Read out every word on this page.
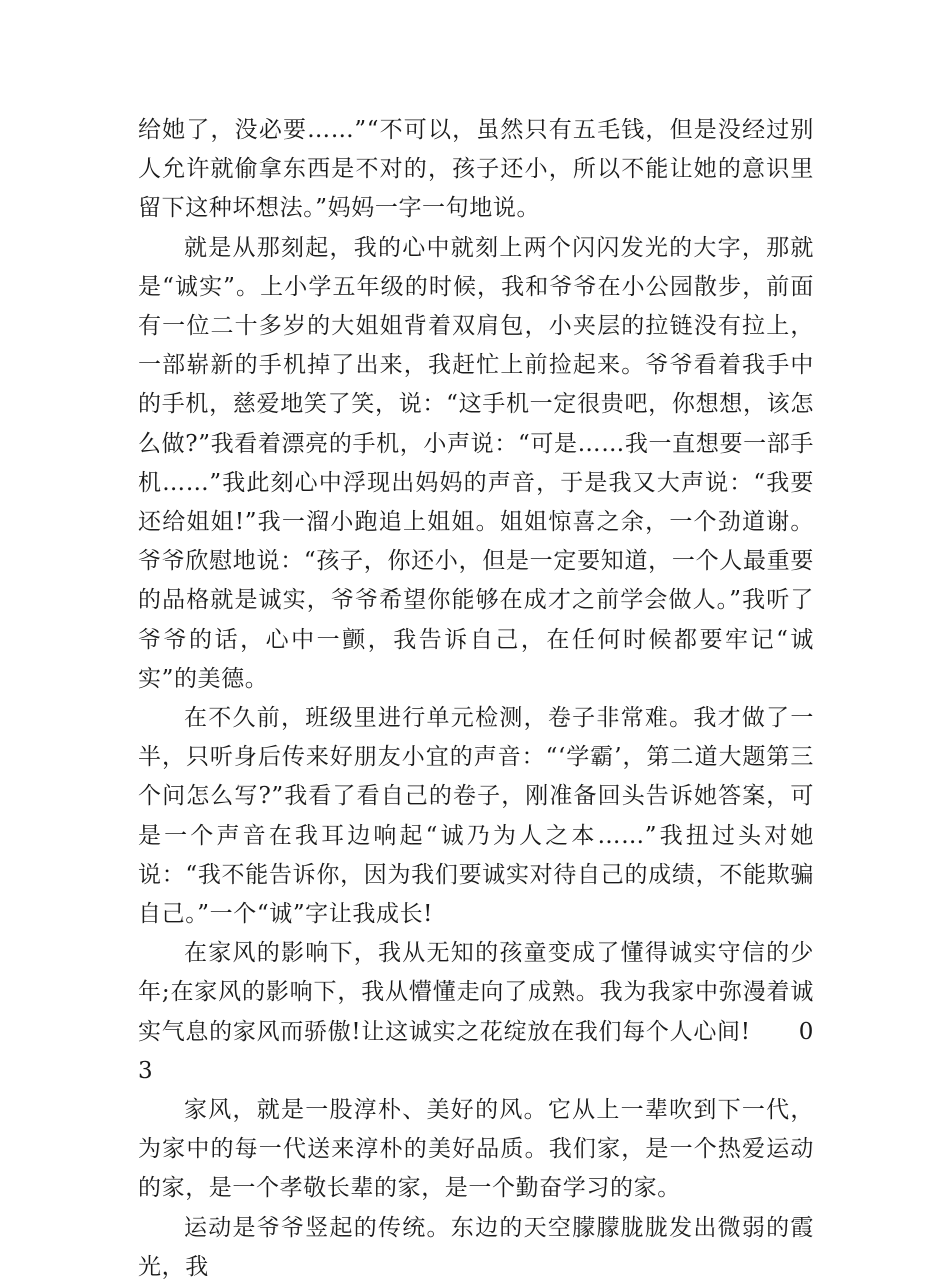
给她了，没必要……”“不可以，虽然只有五毛钱，但是没经过别人允许就偷拿东西是不对的，孩子还小，所以不能让她的意识里留下这种坏想法。”妈妈一字一句地说。

就是从那刻起，我的心中就刻上两个闪闪发光的大字，那就是“诚实”。上小学五年级的时候，我和爷爷在小公园散步，前面有一位二十多岁的大姐姐背着双肩包，小夹层的拉链没有拉上，一部崭新的手机掉了出来，我赶忙上前捡起来。爷爷看着我手中的手机，慈爱地笑了笑，说：“这手机一定很贵吧，你想想，该怎么做?”我看着漂亮的手机，小声说：“可是……我一直想要一部手机……”我此刻心中浮现出妈妈的声音，于是我又大声说：“我要还给姐姐!”我一溜小跑追上姐姐。姐姐惊喜之余，一个劲道谢。爷爷欣慰地说：“孩子，你还小，但是一定要知道，一个人最重要的品格就是诚实，爷爷希望你能够在成才之前学会做人。”我听了爷爷的话，心中一颤，我告诉自己，在任何时候都要牢记“诚实”的美德。

在不久前，班级里进行单元检测，卷子非常难。我才做了一半，只听身后传来好朋友小宜的声音：“‘学霸’，第二道大题第三个问怎么写?”我看了看自己的卷子，刚准备回头告诉她答案，可是一个声音在我耳边响起“诚乃为人之本……”我扭过头对她说：“我不能告诉你，因为我们要诚实对待自己的成绩，不能欺骗自己。”一个“诚”字让我成长!

在家风的影响下，我从无知的孩童变成了懂得诚实守信的少年;在家风的影响下，我从懵懂走向了成熟。我为我家中弥漫着诚实气息的家风而骄傲!让这诚实之花绽放在我们每个人心间!      03

家风，就是一股淳朴、美好的风。它从上一辈吹到下一代，为家中的每一代送来淳朴的美好品质。我们家，是一个热爱运动的家，是一个孝敬长辈的家，是一个勤奋学习的家。

运动是爷爷竖起的传统。东边的天空朦朦胧胧发出微弱的霞光，我
